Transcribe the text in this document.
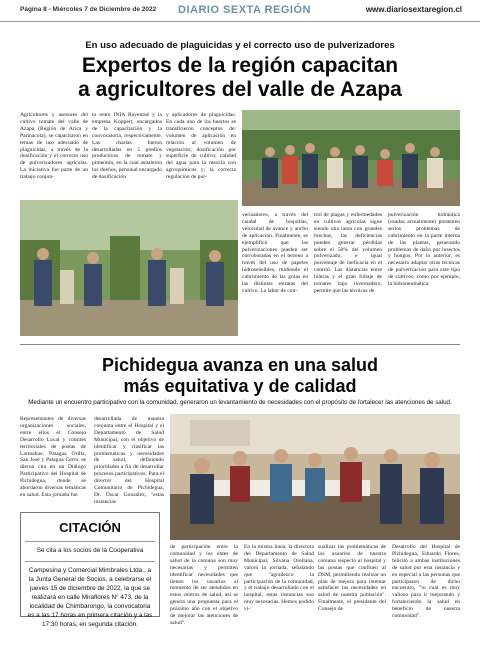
Página 8 - Miércoles 7 de Diciembre de 2022 DIARIO SEXTA REGIÓN	www.diariosextaregion.cl
En uso adecuado de plaguicidas y el correcto uso de pulverizadores
Expertos de la región capacitan
a agricultores del valle de Azapa
Agricultores y asesores del cultivo tomate del valle de Azapa (Región de Arica y Parinacota), se capacitaron en temas de uso adecuado de plaguicidas, a través de la dosificación y el correcto uso de pulverizadores agrícolas. La iniciativa fue parte de un trabajo conjun-
to entre INIA Rayentué y la empresa Koppert, encargados de la capacitación y la convocatoria, respectivamente. Las charlas fueron desarrolladas en 5 predios productivos de tomate y pimentón, en la cual asistieron los dueños, personal encargado de dosificación
y aplicadores de plaguicidas. En cada uno de los huertos se transfirieron conceptos de: volumen de aplicación en relación al volumen de vegetación; dosificación por superficie de cultivo; calidad del agua para la mezcla con agroquímicos y; la correcta regulación de pul-
verizadores, a través del caudal de boquillas, velocidad de avance y ancho de aplicación. Finalmente, se ejemplificó que las pulverizaciones pueden ser corroboradas en el terreno a través del uso de papeles hidrosensibles, midiendo el cubrimiento de las gotas en las distintas estratas del cultivo. La labor de con-
trol de plagas y enfermedades en cultivos agrícolas sigue siendo una tarea con grandes brechas, las deficiencias pueden generar pérdidas sobre el 50% del volumen pulverizado, e igual porcentaje de ineficacia en el control. Las distancias entre hileras y el gran follaje de tomates bajo invernadero, permite que las técnicas de
pulverización hidráulica (usadas actualmente) presenten serios problemas de cubrimiento en la parte interna de las plantas, generando problemas de daño por insectos y hongos. Por lo anterior, es necesario adaptar otras técnicas de pulverización para este tipo de cultivos, como por ejemplo, la hidroneumática.
Pichidegua avanza en una salud
más equitativa y de calidad
Mediante un encuentro participativo con la comunidad, generaron un levantamiento de necesidades con el propósito de fortalecer las atenciones de salud.
Representantes de diversas organizaciones sociales, entre ellos el Consejo Desarrollo Local y comités territoriales de postas de Larmahue, Patagua Orilla, San José y Patagua Cerro, se dieron cita en un Diálogo Participativo del Hospital de Pichidegua, donde se abordaron diversas temáticas en salud. Esta jornada fue
desarrollada de manera conjunta entre el Hospital y el Departamento de Salud Municipal, con el objetivo de identificar y clasificar las problemáticas y necesidades de salud, definiendo prioridades a fin de desarrollar procesos participativos. Para el director del Hospital Comunitario de Pichidegua, Dr. Óscar González, "estas instancias
CITACIÓN

Se cita a los socios de la Cooperativa

Campesina y Comercial Mimbrales Ltda., a la Junta General de Socios, a celebrarse el jueves 15 de diciembre de 2022, la que se realizará en calle Miraflores N° 473, de la localidad de Chimbarongo, la convocatoria es a las 17 horas en primera citación y a las 17:30 horas, en segunda citación.

de participación entre la comunidad y los entes de salud de la comuna son muy necesarias y permiten identificar necesidades que tienen los usuarios al momento de ser atendidos en estos centros de salud, así se genera una propuesta para el próximo año con el objetivo de mejorar las atenciones de salud".
En la misma línea, la directora del Departamento de Salud Municipal, Silvana Orellana, valoró la jornada, señalando que "agradezco la participación de la comunidad, y el trabajo desarrollado con el hospital, estas instancias son muy necesarias. Hemos podido vi-
sualizar las problemáticas de los usuarios de nuestra comuna respecto al hospital y las postas que confluen al DSM, permitiendo realizar un plan de mejora para intentar satisfacer las necesidades en salud de nuestra población". Finalmente, el presidente del Consejo de
Desarrollo del Hospital de Pichidegua, Eduardo Flores, felicitó a ambas instituciones de salud por esta instancia y en especial a las personas que participaron de dicho encuentro, "lo cual es muy valioso para ir mejorando y fortaleciendo la salud en beneficio de nuestra comunidad".
